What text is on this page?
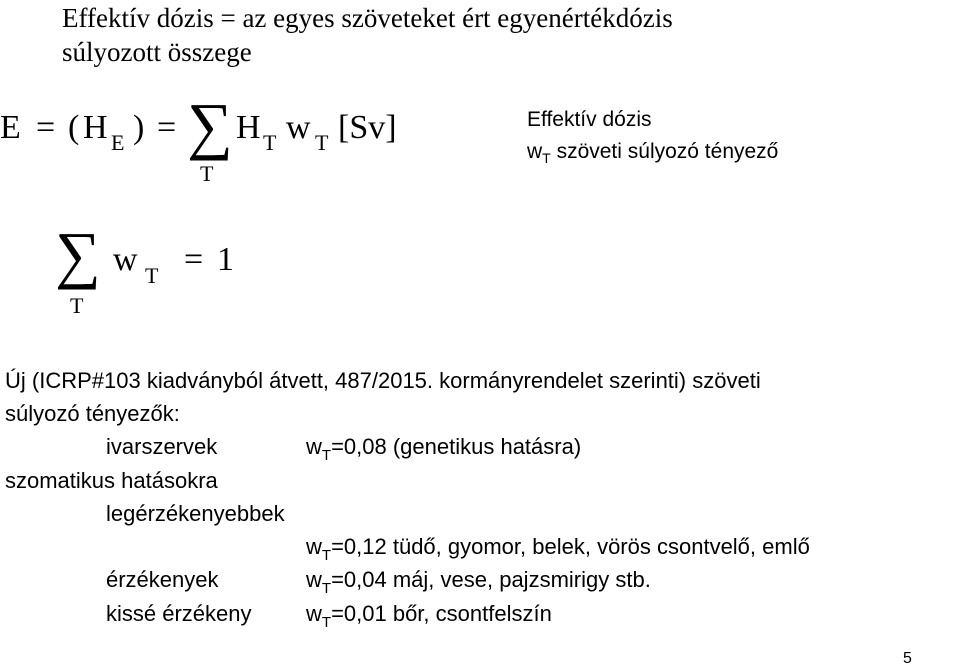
Effektív dózis = az egyes szöveteket ért egyenértékdózis
súlyozott összege
E = ( H E ) = ∑
T
H T w T [Sv]	Effektív dózis
$w_T$ szöveti súlyozó tényező
∑
T
w T = 1
Új (ICRP#103 kiadványból átvett, 487/2015. kormányrendelet szerinti) szöveti
súlyozó tényezők:
ivarszervek	$w_T=0,08$ (genetikus hatásra)
szomatikus hatásokra
legérzékenyebbek
$w_T=0,12$ tüdő, gyomor, belek, vörös csontvelő, emlő
érzékenyek	$w_T=0,04$ máj, vese, pajzsmirigy stb.
kissé érzékeny $w_T=0,01$ bőr, csontfelszín
5
